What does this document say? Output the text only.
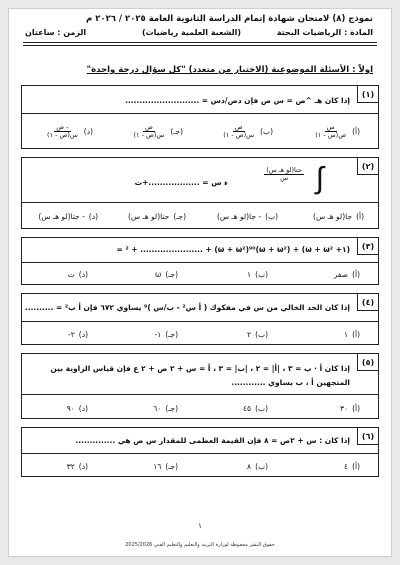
نموذج (٨) لامتحان شهادة إتمام الدراسة الثانوية العامة ٢٠٢٥ / ٢٠٢٦ م
المادة : الرياضيات البحتة
(الشعبة العلمية رياضيات)
الزمن : ساعتان
اولاً : الأسئلة الموضوعية (الاختيار من متعدد) "كل سؤال درجة واحدة"
(١)
إذا كان هـ ^ص = س ص فإن دص/دس = ..........................
(أ)
$\frac{\text{س}}{\text{ص(س - ١)}}$
(ب)
$\frac{\text{ص}}{\text{س(ص - ١)}}$
(جـ)
$\frac{\text{ص}}{\text{س(ص - ١)}}$
(د)
$\frac{\text{- ص}}{\text{س(ص - ١)}}$
(٢)
∫
$\frac{\text{جتا(لو هـ س)}}{\text{س}}$
ء س = ..................+ث
(أ)
جا(لو هـ س)
(ب)
- جا(لو هـ س)
(جـ)
جتا(لو هـ س)
(د)
- جتا(لو هـ س)
(٣)
(١+ ω + ω²) + (ω + ω²)² + ...................... + (ω + ω²)⁹⁰ =
(أ)
صفر
(ب)
١
(جـ)
ω
(د)
ت
(٤)
إذا كان الحد الخالي من س في مفكوك ( أ س² - ب/س )⁹ يساوي ٦٧٢ فإن أ ب² = ..........
(أ)
١
(ب)
٢
(جـ)
١-
(د)
٢-
(٥)
إذا كان أ ∙ ب = ٣ ، |أ| = ٢ ، |ب| = ٣ ، أ = س + ٢ ص + ٢ ع فإن قياس الزاوية بين
المتجهين أ ، ب يساوي ............
(أ)
٣٠
(ب)
٤٥
(جـ)
٦٠
(د)
٩٠
(٦)
إذا كان : س + ٢ص = ٨ فإن القيمة العظمى للمقدار س ص هي ..............
(أ)
٤
(ب)
٨
(جـ)
١٦
(د)
٣٢
١
حقوق النشر محفوظة لوزارة التربية والتعليم والتعليم الفني 2025/2026
